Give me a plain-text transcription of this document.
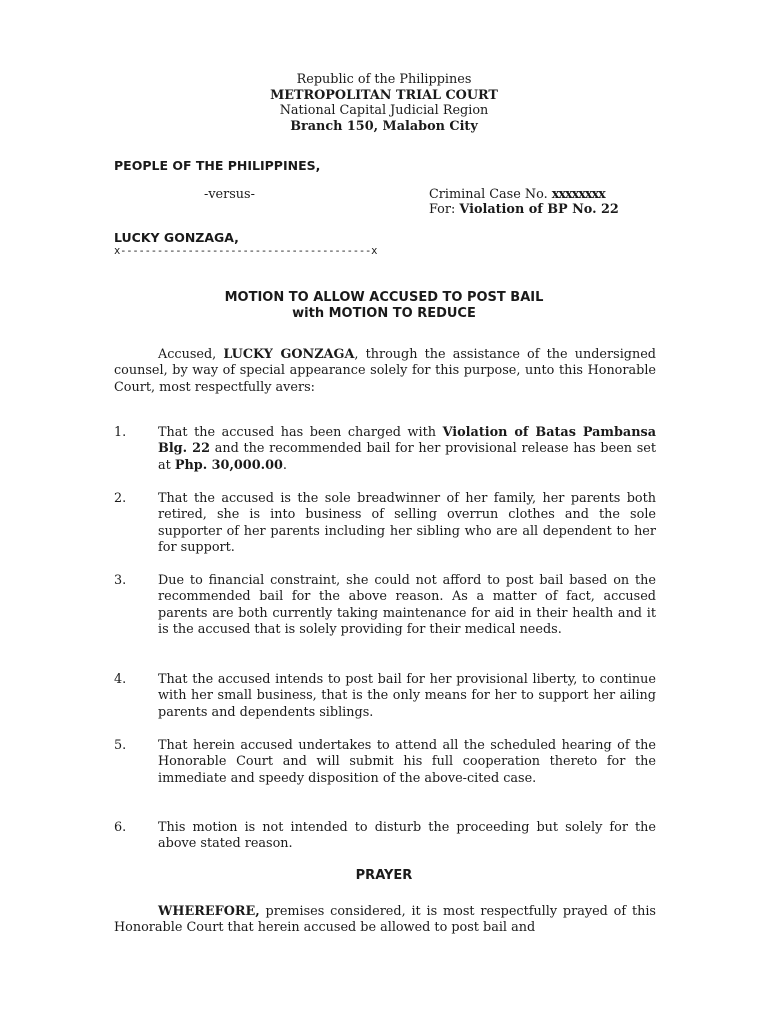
Republic of the Philippines
METROPOLITAN TRIAL COURT
National Capital Judicial Region
Branch 150, Malabon City
PEOPLE OF THE PHILIPPINES,
-versus-	Criminal Case No. xxxxxxxx
For: Violation of BP No. 22
LUCKY GONZAGA,
x-----------------------------------------x
MOTION TO ALLOW ACCUSED TO POST BAIL
with MOTION TO REDUCE
Accused, LUCKY GONZAGA, through the assistance of the undersigned counsel, by way of special appearance solely for this purpose, unto this Honorable Court, most respectfully avers:
1. That the accused has been charged with Violation of Batas Pambansa Blg. 22 and the recommended bail for her provisional release has been set at Php. 30,000.00.
2. That the accused is the sole breadwinner of her family, her parents both retired, she is into business of selling overrun clothes and the sole supporter of her parents including her sibling who are all dependent to her for support.
3. Due to financial constraint, she could not afford to post bail based on the recommended bail for the above reason. As a matter of fact, accused parents are both currently taking maintenance for aid in their health and it is the accused that is solely providing for their medical needs.
4. That the accused intends to post bail for her provisional liberty, to continue with her small business, that is the only means for her to support her ailing parents and dependents siblings.
5. That herein accused undertakes to attend all the scheduled hearing of the Honorable Court and will submit his full cooperation thereto for the immediate and speedy disposition of the above-cited case.
6. This motion is not intended to disturb the proceeding but solely for the above stated reason.
PRAYER
WHEREFORE, premises considered, it is most respectfully prayed of this Honorable Court that herein accused be allowed to post bail and
